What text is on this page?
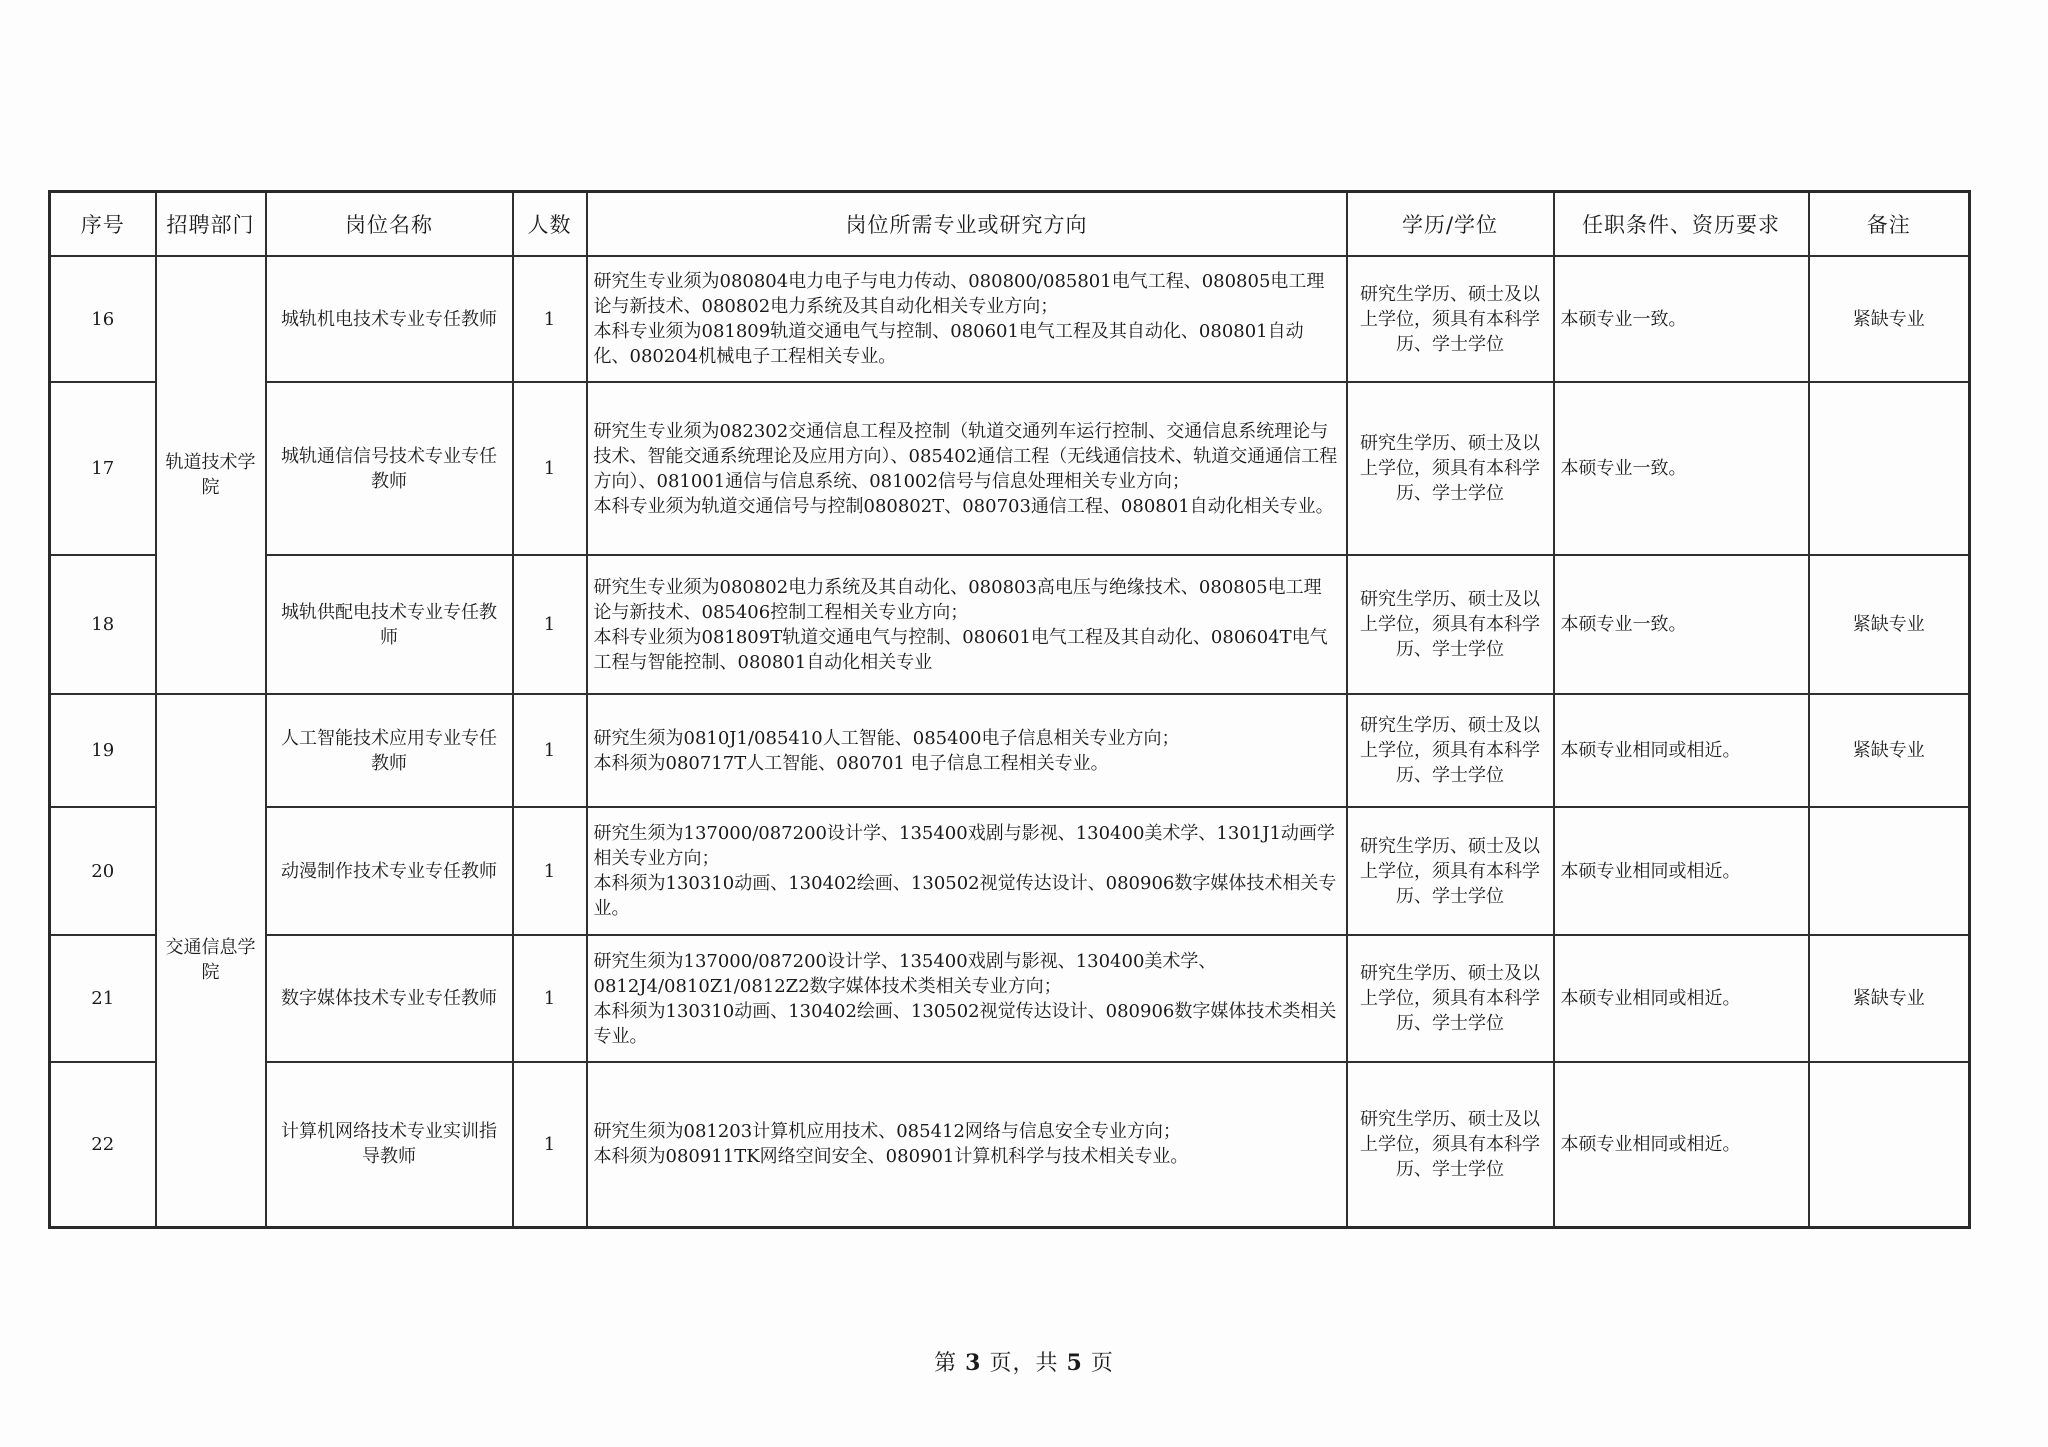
序号	招聘部门	岗位名称	人数	岗位所需专业或研究方向	学历/学位	任职条件、资历要求	备注
16	轨道技术学院	城轨机电技术专业专任教师	1	研究生专业须为080804电力电子与电力传动、080800/085801电气工程、080805电工理论与新技术、080802电力系统及其自动化相关专业方向；
本科专业须为081809轨道交通电气与控制、080601电气工程及其自动化、080801自动化、080204机械电子工程相关专业。	研究生学历、硕士及以上学位，须具有本科学历、学士学位	本硕专业一致。	紧缺专业
17		城轨通信信号技术专业专任教师	1	研究生专业须为082302交通信息工程及控制（轨道交通列车运行控制、交通信息系统理论与技术、智能交通系统理论及应用方向）、085402通信工程（无线通信技术、轨道交通通信工程方向）、081001通信与信息系统、081002信号与信息处理相关专业方向；
本科专业须为轨道交通信号与控制080802T、080703通信工程、080801自动化相关专业。	研究生学历、硕士及以上学位，须具有本科学历、学士学位	本硕专业一致。	
18		城轨供配电技术专业专任教师	1	研究生专业须为080802电力系统及其自动化、080803高电压与绝缘技术、080805电工理论与新技术、085406控制工程相关专业方向；
本科专业须为081809T轨道交通电气与控制、080601电气工程及其自动化、080604T电气工程与智能控制、080801自动化相关专业	研究生学历、硕士及以上学位，须具有本科学历、学士学位	本硕专业一致。	紧缺专业
19	交通信息学院	人工智能技术应用专业专任教师	1	研究生须为0810J1/085410人工智能、085400电子信息相关专业方向；
本科须为080717T人工智能、080701 电子信息工程相关专业。	研究生学历、硕士及以上学位，须具有本科学历、学士学位	本硕专业相同或相近。	紧缺专业
20		动漫制作技术专业专任教师	1	研究生须为137000/087200设计学、135400戏剧与影视、130400美术学、1301J1动画学相关专业方向；
本科须为130310动画、130402绘画、130502视觉传达设计、080906数字媒体技术相关专业。	研究生学历、硕士及以上学位，须具有本科学历、学士学位	本硕专业相同或相近。	
21		数字媒体技术专业专任教师	1	研究生须为137000/087200设计学、135400戏剧与影视、130400美术学、0812J4/0810Z1/0812Z2数字媒体技术类相关专业方向；
本科须为130310动画、130402绘画、130502视觉传达设计、080906数字媒体技术类相关专业。	研究生学历、硕士及以上学位，须具有本科学历、学士学位	本硕专业相同或相近。	紧缺专业
22		计算机网络技术专业实训指导教师	1	研究生须为081203计算机应用技术、085412网络与信息安全专业方向；
本科须为080911TK网络空间安全、080901计算机科学与技术相关专业。	研究生学历、硕士及以上学位，须具有本科学历、学士学位	本硕专业相同或相近。	
第 3 页，共 5 页
